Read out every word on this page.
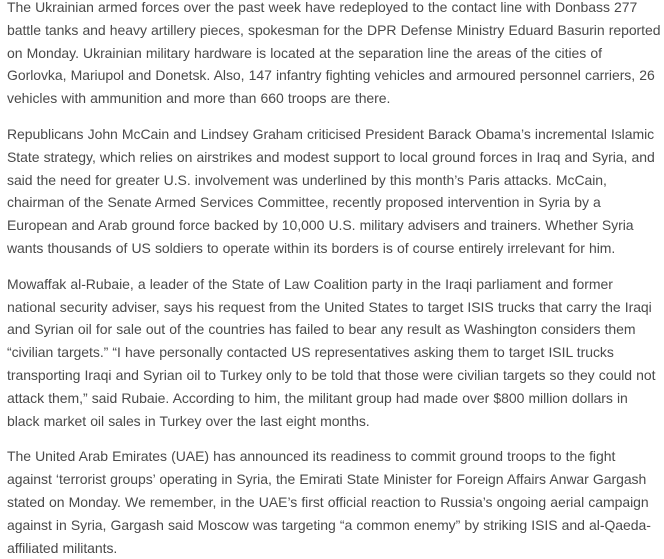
The Ukrainian armed forces over the past week have redeployed to the contact line with Donbass 277 battle tanks and heavy artillery pieces, spokesman for the DPR Defense Ministry Eduard Basurin reported on Monday. Ukrainian military hardware is located at the separation line the areas of the cities of Gorlovka, Mariupol and Donetsk. Also, 147 infantry fighting vehicles and armoured personnel carriers, 26 vehicles with ammunition and more than 660 troops are there.

Republicans John McCain and Lindsey Graham criticised President Barack Obama’s incremental Islamic State strategy, which relies on airstrikes and modest support to local ground forces in Iraq and Syria, and said the need for greater U.S. involvement was underlined by this month’s Paris attacks. McCain, chairman of the Senate Armed Services Committee, recently proposed intervention in Syria by a European and Arab ground force backed by 10,000 U.S. military advisers and trainers. Whether Syria wants thousands of US soldiers to operate within its borders is of course entirely irrelevant for him.

Mowaffak al-Rubaie, a leader of the State of Law Coalition party in the Iraqi parliament and former national security adviser, says his request from the United States to target ISIS trucks that carry the Iraqi and Syrian oil for sale out of the countries has failed to bear any result as Washington considers them “civilian targets.” “I have personally contacted US representatives asking them to target ISIL trucks transporting Iraqi and Syrian oil to Turkey only to be told that those were civilian targets so they could not attack them,” said Rubaie. According to him, the militant group had made over $800 million dollars in black market oil sales in Turkey over the last eight months.

The United Arab Emirates (UAE) has announced its readiness to commit ground troops to the fight against ‘terrorist groups’ operating in Syria, the Emirati State Minister for Foreign Affairs Anwar Gargash stated on Monday. We remember, in the UAE’s first official reaction to Russia’s ongoing aerial campaign against in Syria, Gargash said Moscow was targeting “a common enemy” by striking ISIS and al-Qaeda-affiliated militants.
